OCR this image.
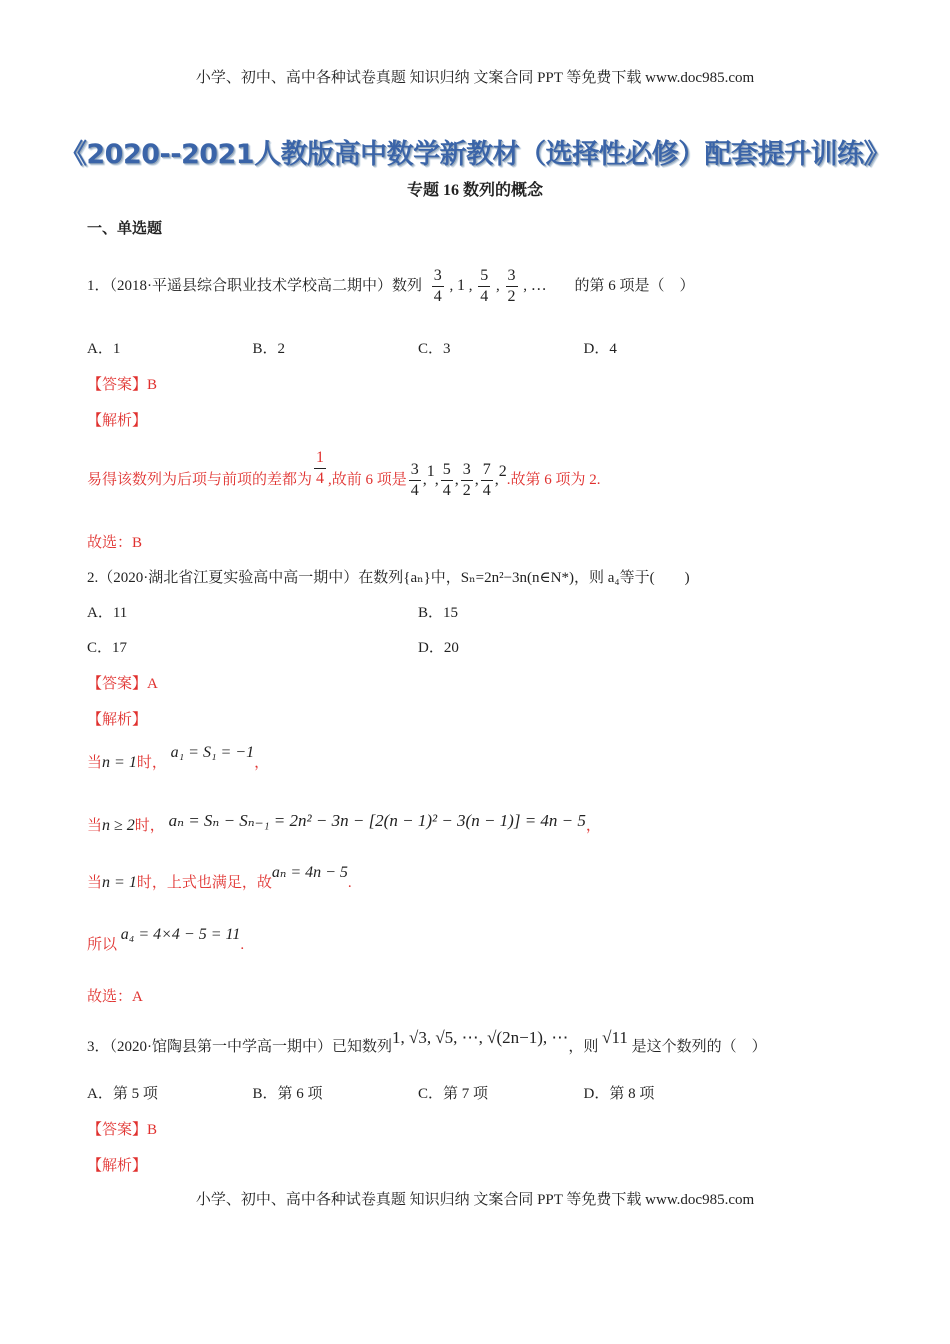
小学、初中、高中各种试卷真题 知识归纳 文案合同 PPT 等免费下载 www.doc985.com
《2020--2021人教版高中数学新教材（选择性必修）配套提升训练》
专题 16 数列的概念
一、单选题
1．（2018·平遥县综合职业技术学校高二期中）数列 $\frac{3}{4}$ , 1 , $\frac{5}{4}$ , $\frac{3}{2}$ , … 的第 6 项是（　）
A．1	B．2	C．3	D．4
【答案】B
【解析】
易得该数列为后项与前项的差都为 $\frac{1}{4}$ ,故前 6 项是 $\frac{3}{4} ,1$, $\frac{5}{4}$ , $\frac{3}{2}$ , $\frac{7}{4} ,2$.故第 6 项为 2.
故选：B
2.（2020·湖北省江夏实验高中高一期中）在数列{aₙ}中，Sₙ=2n²−3n(n∈N*)，则 a₄等于(　　)
A．11	B．15
C．17	D．20
【答案】A
【解析】
当n = 1时， a₁ = S₁ = −1，
当n ≥ 2时， aₙ = Sₙ − Sₙ₋₁ = 2n² − 3n − [2(n − 1)² − 3(n − 1)] = 4n − 5，
当n = 1时，上式也满足，故aₙ = 4n − 5.
所以 a₄ = 4×4 − 5 = 11.
故选：A
3．（2020·馆陶县第一中学高一期中）已知数列1, √3, √5, ⋯, √(2n−1), ⋯，则 √11 是这个数列的（　）
A．第 5 项	B．第 6 项	C．第 7 项	D．第 8 项
【答案】B
【解析】
小学、初中、高中各种试卷真题 知识归纳 文案合同 PPT 等免费下载 www.doc985.com
